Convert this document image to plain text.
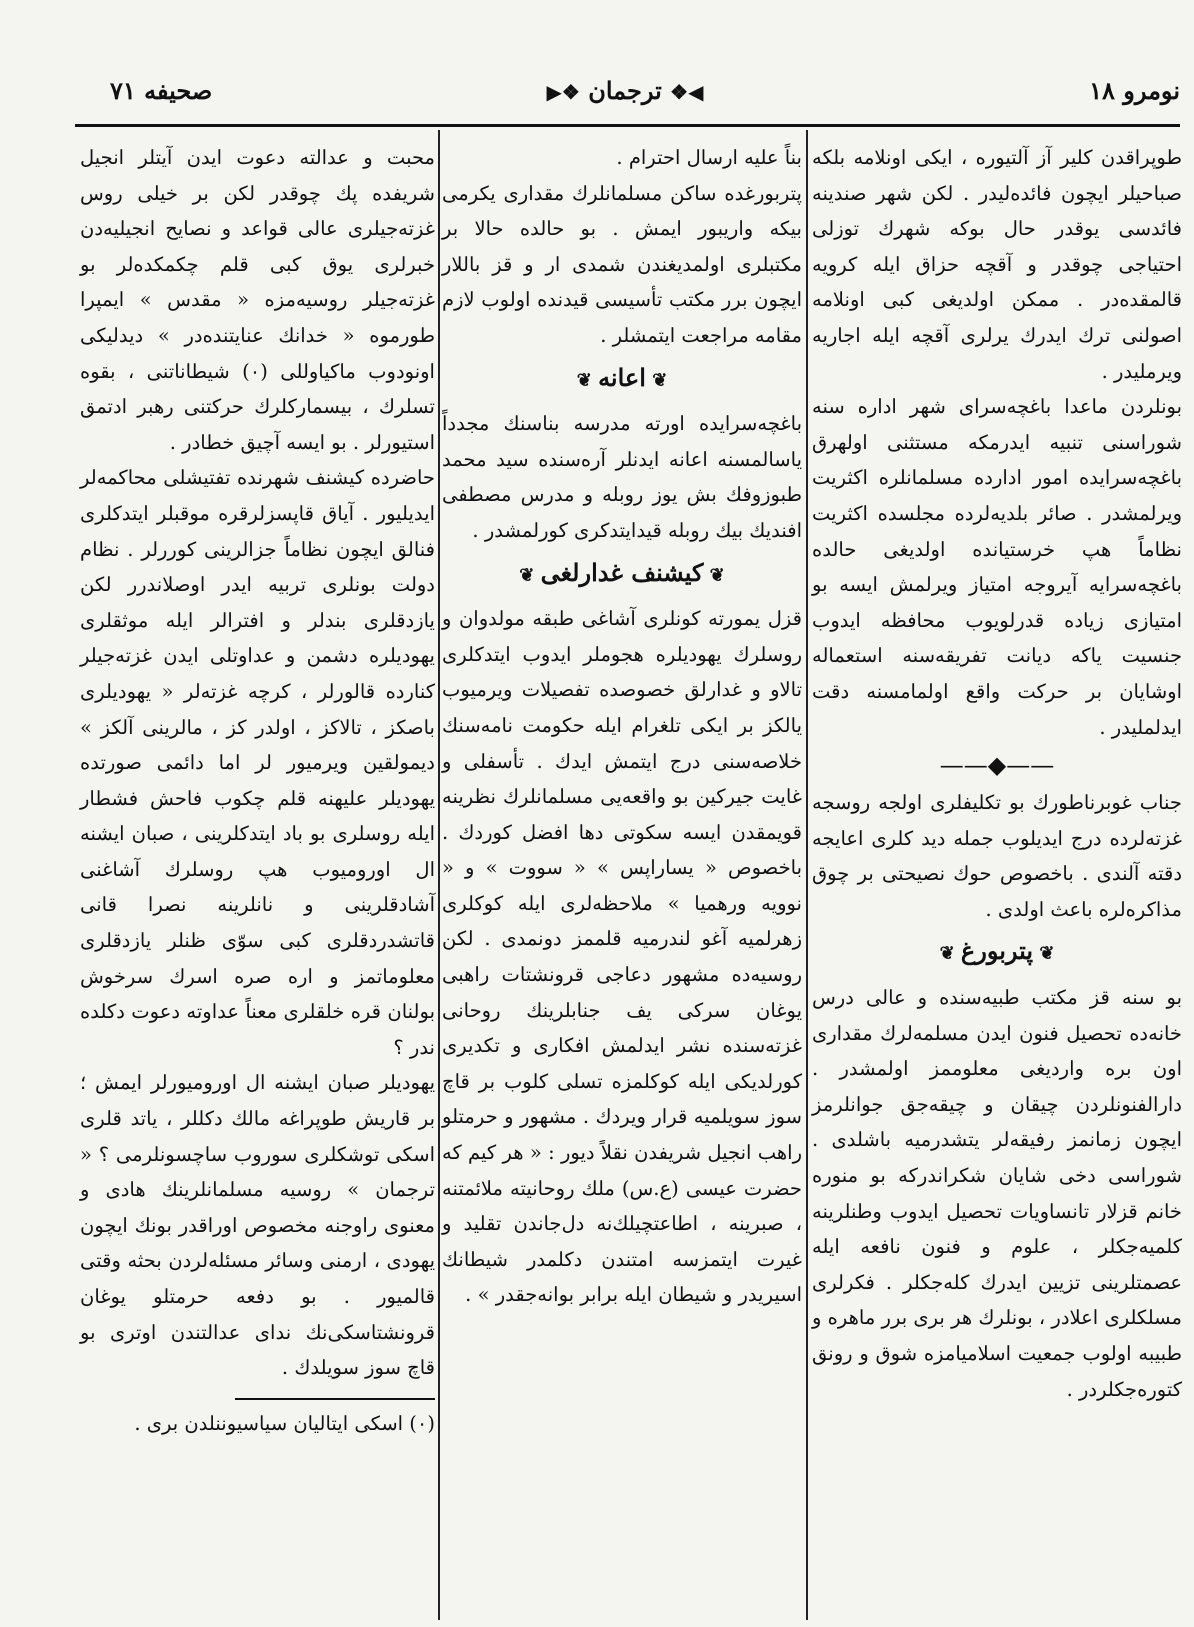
نومرو ١٨
◀❖ ترجمان ❖▶
صحيفه ٧١

طوپراقدن كلير آز آلتيوره ، ايكى اونلامه بلكه صباحيلر ايچون فائده‌ليدر . لكن شهر صندينه فائدسى يوقدر حال بوكه شهرك توزلى احتياجى چوقدر و آقچه حزاق ايله كرويه قالمقده‌در . ممكن اولديغى كبى اونلامه اصولنى ترك ايدرك يرلرى آقچه ايله اجاريه ويرمليدر .

بونلردن ماعدا باغچه‌سراى شهر اداره سنه شوراسنى تنبيه ايدرمكه مستثنى اولهرق باغچه‌سرايده امور ادارده مسلمانلره اكثريت ويرلمشدر . صائر بلديه‌لرده مجلسده اكثريت نظاماً هپ خرستيانده اولديغى حالده باغچه‌سرايه آيروجه امتياز ويرلمش ايسه بو امتيازى زياده قدرلويوب محافظه ايدوب جنسيت ياكه ديانت تفريقه‌سنه استعماله اوشايان بر حركت واقع اولمامسنه دقت ايدلمليدر .

——◆——

جناب غوبرناطورك بو تكليفلرى اولجه روسجه غزته‌لرده درج ايديلوب جمله ديد كلرى اعايجه دقته آلندى . باخصوص حوك نصيحتى بر چوق مذاكره‌لره باعث اولدى .

❦ پتربورغ ❦

بو سنه قز مكتب طبيه‌سنده و عالى درس خانه‌ده تحصيل فنون ايدن مسلمه‌لرك مقدارى اون بره وارديغى معلوممز اولمشدر . دارالفنونلردن چيقان و چيقه‌جق جوانلرمز ايچون زمانمز رفيقه‌لر يتشدرميه باشلدى . شوراسى دخى شايان شكراندركه بو منوره خانم قزلار تانساويات تحصيل ايدوب وطنلرينه كلميه‌جكلر ، علوم و فنون نافعه ايله عصمتلرينى تزيين ايدرك كله‌جكلر . فكرلرى مسلكلرى اعلادر ، بونلرك هر برى برر ماهره و طبيبه اولوب جمعيت اسلاميامزه شوق و رونق كتوره‌جكلردر .

بناً عليه ارسال احترام .

پتربورغده ساكن مسلمانلرك مقدارى يكرمى بيكه واريبور ايمش . بو حالده حالا بر مكتبلرى اولمديغندن شمدى ار و قز باللار ايچون برر مكتب تأسيسى قيدنده اولوب لازم مقامه مراجعت ايتمشلر .

❦ اعانه ❦

باغچه‌سرايده اورته مدرسه بناسنك مجدداً ياسالمسنه اعانه ايدنلر آره‌سنده سيد محمد طبوزوفك بش يوز روبله و مدرس مصطفى افنديك بيك روبله قيدايتدكرى كورلمشدر .

❦ كيشنف غدارلغى ❦

قزل يمورته كونلرى آشاغى طبقه مولدوان و روسلرك يهوديلره هجوملر ايدوب ايتدكلرى تالاو و غدارلق خصوصده تفصيلات ويرميوب يالكز بر ايكى تلغرام ايله حكومت نامه‌سنك خلاصه‌سنى درج ايتمش ايدك . تأسفلى و غايت جيركين بو واقعه‌يى مسلمانلرك نظرينه قويمقدن ايسه سكوتى دها افضل كوردك . باخصوص « يساراپس » « سووت » و « نوويه ورهميا » ملاحظه‌لرى ايله كوكلرى زهرلميه آغو لندرميه قلممز دونمدى . لكن روسيه‌ده مشهور دعاجى قرونشتات راهبى يوغان سركى يف جنابلرينك روحانى غزته‌سنده نشر ايدلمش افكارى و تكديرى كورلديكى ايله كوكلمزه تسلى كلوب بر قاچ سوز سويلميه قرار ويردك . مشهور و حرمتلو راهب انجيل شريفدن نقلاً ديور : « هر كيم كه حضرت عيسى (ع.س) ملك روحانيته ملائمتنه ، صبرينه ، اطاعتچيلك‌نه دل‌جاندن تقليد و غيرت ايتمزسه امتندن دكلمدر شيطانك اسيريدر و شيطان ايله برابر بوانه‌جقدر » .

محبت و عدالته دعوت ايدن آيتلر انجيل شريفده پك چوقدر لكن بر خيلى روس غزته‌جيلرى عالى قواعد و نصايح انجيليه‌دن خبرلرى يوق كبى قلم چكمكده‌لر بو غزته‌جيلر روسيه‌مزه « مقدس » ايمپرا طورموه « خدانك عنايتنده‌در » ديدليكى اونودوب ماكياوللى (٠) شيطاناتنى ، بقوه تسلرك ، بيسماركلرك حركتنى رهبر ادتمق استيورلر . بو ايسه آچيق خطادر .

حاضرده كيشنف شهرنده تفتيشلى محاكمه‌لر ايديليور . آياق قاپسزلرقره موقبلر ايتدكلرى فنالق ايچون نظاماً جزالرينى كوررلر . نظام دولت بونلرى تربيه ايدر اوصلاندرر لكن يازدقلرى بندلر و افترالر ايله موثقلرى يهوديلره دشمن و عداوتلى ايدن غزته‌جيلر كنارده قالورلر ، كرچه غزته‌لر « يهوديلرى باصكز ، تالاكز ، اولدر كز ، مالرينى آلكز » ديمولقين ويرميور لر اما دائمى صورتده يهوديلر عليهنه قلم چكوب فاحش فشطار ايله روسلرى بو باد ايتدكلرينى ، صبان ايشنه ال اوروميوب هپ روسلرك آشاغنى آشادقلرينى و نانلرينه نصرا قانى قاتشدردقلرى كبى سوّى ظنلر يازدقلرى معلوماتمز و اره صره اسرك سرخوش بولنان قره خلقلرى معناً عداوته دعوت دكلده ندر ؟

يهوديلر صبان ايشنه ال اوروميورلر ايمش ؛ بر قاريش طوپراغه مالك دكللر ، ياتد قلرى اسكى توشكلرى سوروب ساچسونلرمى ؟ « ترجمان » روسيه مسلمانلرينك هادى و معنوى راوجنه مخصوص اوراقدر بونك ايچون يهودى ، ارمنى وسائر مسئله‌لردن بحثه وقتى قالميور . بو دفعه حرمتلو يوغان قرونشتاسكى‌نك نداى عدالتندن اوترى بو قاچ سوز سويلدك .

(٠) اسكى ايتاليان سياسيوننلدن برى .
